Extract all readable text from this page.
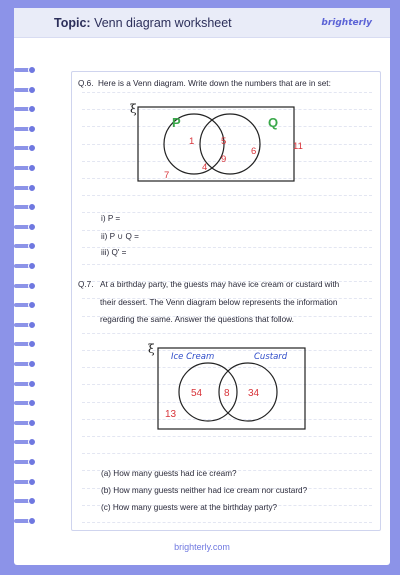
Topic: Venn diagram worksheet	brighterly
Q.6. Here is a Venn diagram. Write down the numbers that are in set:
ξ
P	Q
1
4
5
9
6	11
7
i) P =
ii) P ∪ Q =
iii) Q' =
Q.7. At a birthday party, the guests may have ice cream or custard with
their dessert. The Venn diagram below represents the information
regarding the same. Answer the questions that follow.
ξ
Ice Cream	Custard
54 8 34
13
(a) How many guests had ice cream?
(b) How many guests neither had ice cream nor custard?
(c) How many guests were at the birthday party?
brighterly.com
